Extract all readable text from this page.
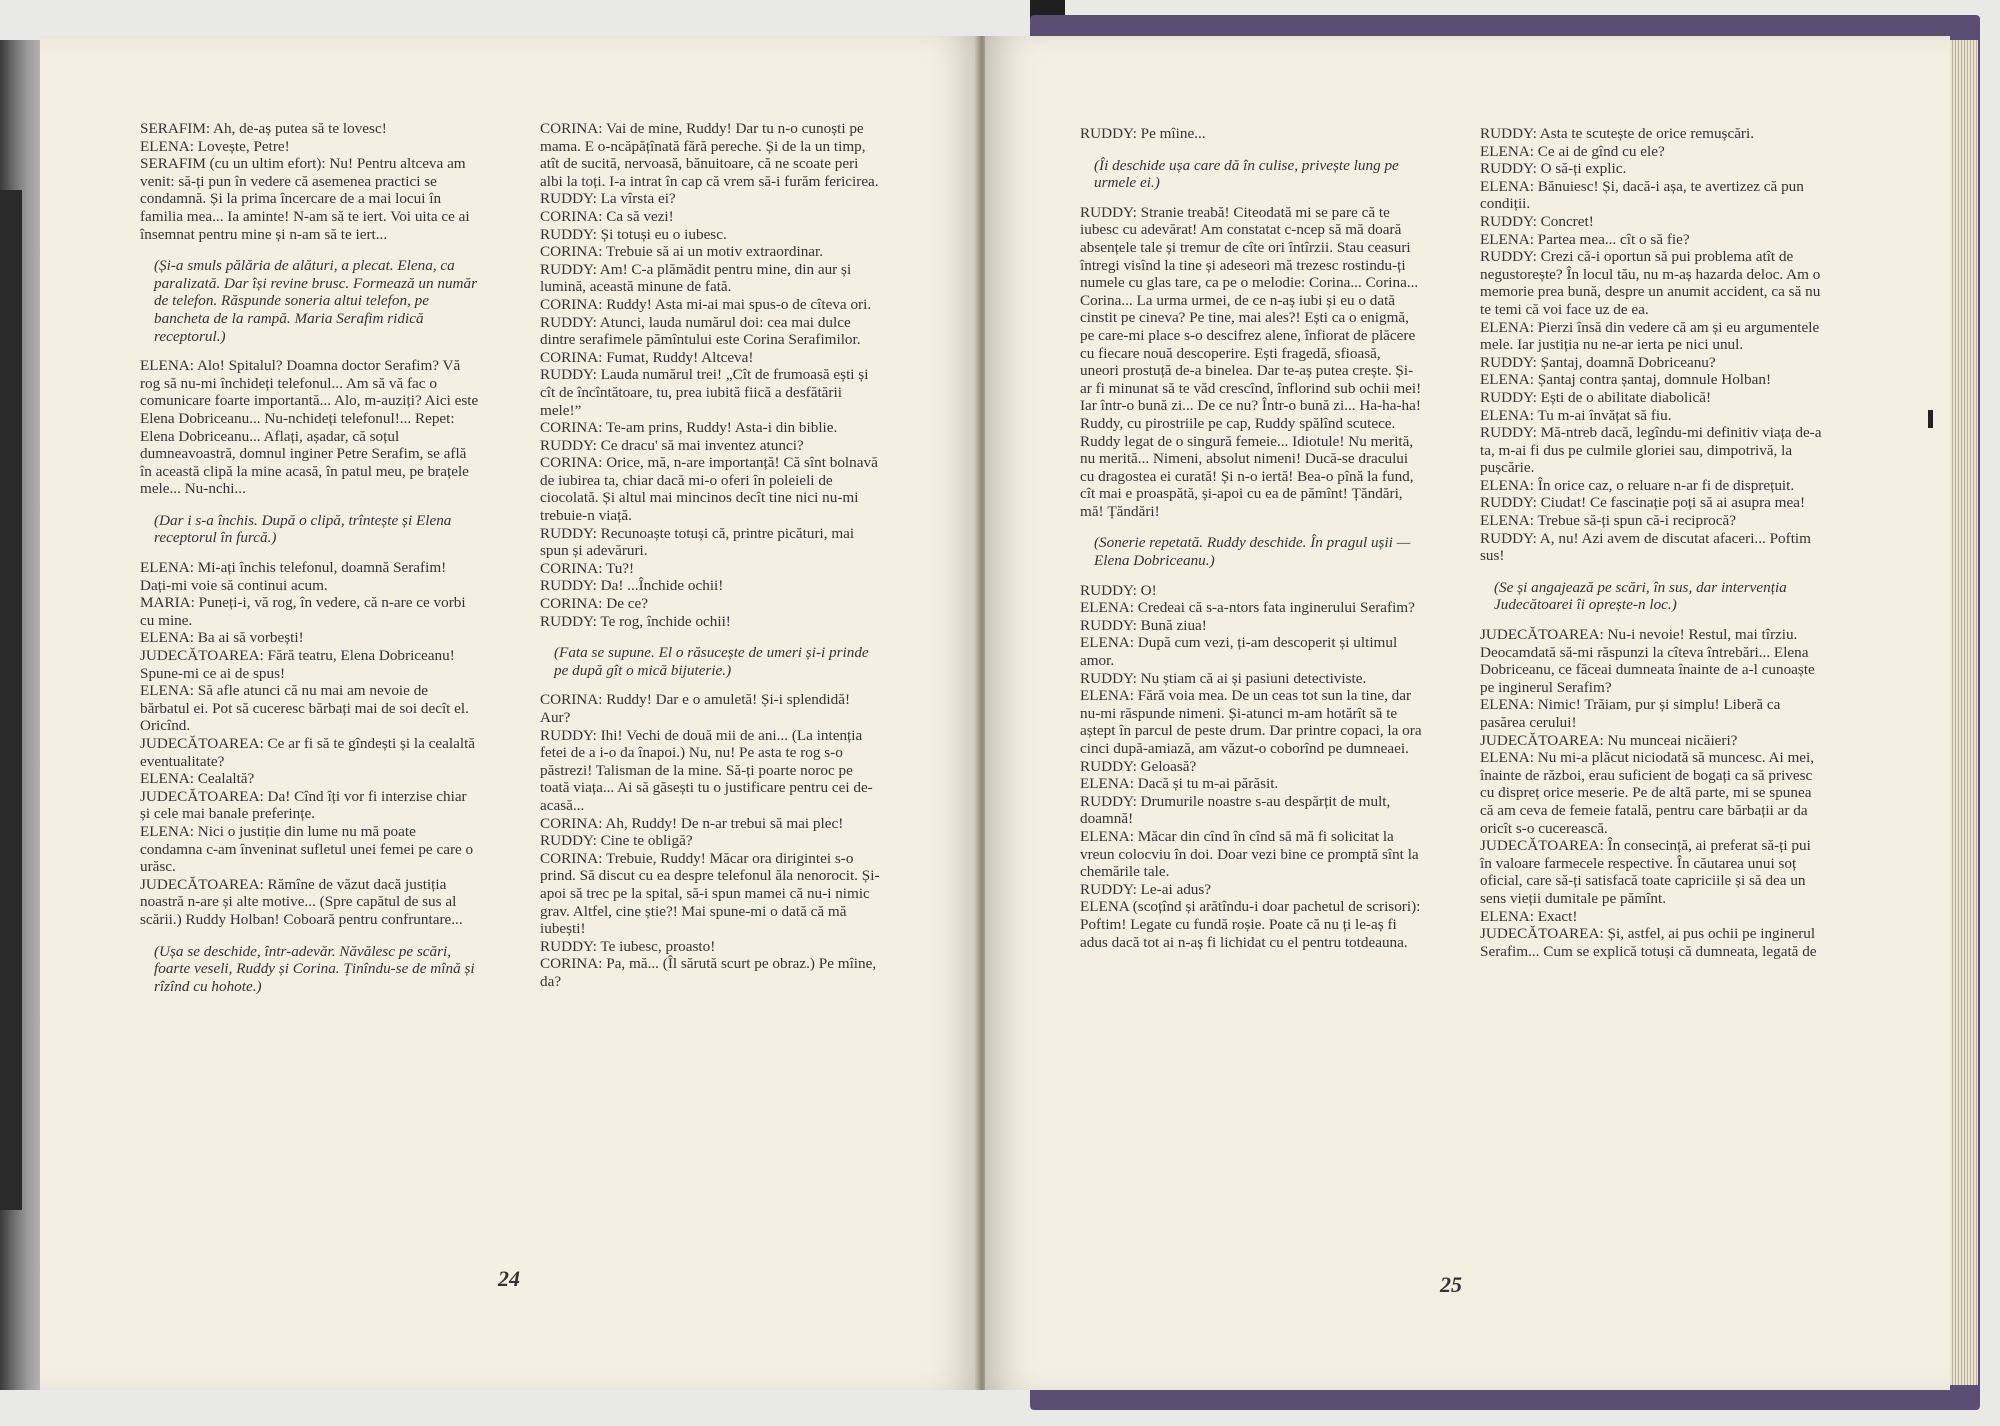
SERAFIM: Ah, de-aș putea să te lovesc!

ELENA: Lovește, Petre!

SERAFIM (cu un ultim efort): Nu! Pentru altceva am venit: să-ți pun în vedere că asemenea practici se condamnă. Și la prima încercare de a mai locui în familia mea... Ia aminte! N-am să te iert. Voi uita ce ai însemnat pentru mine și n-am să te iert...

(Și-a smuls pălăria de alături, a plecat. Elena, ca paralizată. Dar își revine brusc. Formează un număr de telefon. Răspunde soneria altui telefon, pe bancheta de la rampă. Maria Serafim ridică receptorul.)

ELENA: Alo! Spitalul? Doamna doctor Serafim? Vă rog să nu-mi închideți telefonul... Am să vă fac o comunicare foarte importantă... Alo, m-auziți? Aici este Elena Dobriceanu... Nu-nchideți telefonul!... Repet: Elena Dobriceanu... Aflați, așadar, că soțul dumneavoastră, domnul inginer Petre Serafim, se află în această clipă la mine acasă, în patul meu, pe brațele mele... Nu-nchi...

(Dar i s-a închis. După o clipă, trîntește și Elena receptorul în furcă.)

ELENA: Mi-ați închis telefonul, doamnă Serafim! Dați-mi voie să continui acum.

MARIA: Puneți-i, vă rog, în vedere, că n-are ce vorbi cu mine.

ELENA: Ba ai să vorbești!

JUDECĂTOAREA: Fără teatru, Elena Dobriceanu! Spune-mi ce ai de spus!

ELENA: Să afle atunci că nu mai am nevoie de bărbatul ei. Pot să cuceresc bărbați mai de soi decît el. Oricînd.

JUDECĂTOAREA: Ce ar fi să te gîndești și la cealaltă eventualitate?

ELENA: Cealaltă?

JUDECĂTOAREA: Da! Cînd îți vor fi interzise chiar și cele mai banale preferințe.

ELENA: Nici o justiție din lume nu mă poate condamna c-am înveninat sufletul unei femei pe care o urăsc.

JUDECĂTOAREA: Rămîne de văzut dacă justiția noastră n-are și alte motive... (Spre capătul de sus al scării.) Ruddy Holban! Coboară pentru confruntare...

(Ușa se deschide, într-adevăr. Năvălesc pe scări, foarte veseli, Ruddy și Corina. Ținîndu-se de mînă și rîzînd cu hohote.)

CORINA: Vai de mine, Ruddy! Dar tu n-o cunoști pe mama. E o-ncăpățînată fără pereche. Și de la un timp, atît de sucită, nervoasă, bănuitoare, că ne scoate peri albi la toți. I-a intrat în cap că vrem să-i furăm fericirea.

RUDDY: La vîrsta ei?

CORINA: Ca să vezi!

RUDDY: Și totuși eu o iubesc.

CORINA: Trebuie să ai un motiv extraordinar.

RUDDY: Am! C-a plămădit pentru mine, din aur și lumină, această minune de fată.

CORINA: Ruddy! Asta mi-ai mai spus-o de cîteva ori.

RUDDY: Atunci, lauda numărul doi: cea mai dulce dintre serafimele pămîntului este Corina Serafimilor.

CORINA: Fumat, Ruddy! Altceva!

RUDDY: Lauda numărul trei! „Cît de frumoasă ești și cît de încîntătoare, tu, prea iubită fiică a desfătării mele!”

CORINA: Te-am prins, Ruddy! Asta-i din biblie.

RUDDY: Ce dracu' să mai inventez atunci?

CORINA: Orice, mă, n-are importanță! Că sînt bolnavă de iubirea ta, chiar dacă mi-o oferi în poleieli de ciocolată. Și altul mai mincinos decît tine nici nu-mi trebuie-n viață.

RUDDY: Recunoaște totuși că, printre picături, mai spun și adevăruri.

CORINA: Tu?!

RUDDY: Da! ...Închide ochii!

CORINA: De ce?

RUDDY: Te rog, închide ochii!

(Fata se supune. El o răsucește de umeri și-i prinde pe după gît o mică bijuterie.)

CORINA: Ruddy! Dar e o amuletă! Și-i splendidă! Aur?

RUDDY: Ihi! Vechi de două mii de ani... (La intenția fetei de a i-o da înapoi.) Nu, nu! Pe asta te rog s-o păstrezi! Talisman de la mine. Să-ți poarte noroc pe toată viața... Ai să găsești tu o justificare pentru cei de-acasă...

CORINA: Ah, Ruddy! De n-ar trebui să mai plec!

RUDDY: Cine te obligă?

CORINA: Trebuie, Ruddy! Măcar ora dirigintei s-o prind. Să discut cu ea despre telefonul ăla nenorocit. Și-apoi să trec pe la spital, să-i spun mamei că nu-i nimic grav. Altfel, cine știe?! Mai spune-mi o dată că mă iubești!

RUDDY: Te iubesc, proasto!

CORINA: Pa, mă... (Îl sărută scurt pe obraz.) Pe mîine, da?

24

RUDDY: Pe mîine...

(Îi deschide ușa care dă în culise, privește lung pe urmele ei.)

RUDDY: Stranie treabă! Citeodată mi se pare că te iubesc cu adevărat! Am constatat c-ncep să mă doară absențele tale și tremur de cîte ori întîrzii. Stau ceasuri întregi visînd la tine și adeseori mă trezesc rostindu-ți numele cu glas tare, ca pe o melodie: Corina... Corina... Corina... La urma urmei, de ce n-aș iubi și eu o dată cinstit pe cineva? Pe tine, mai ales?! Ești ca o enigmă, pe care-mi place s-o descifrez alene, înfiorat de plăcere cu fiecare nouă descoperire. Ești fragedă, sfioasă, uneori prostuță de-a binelea. Dar te-aș putea crește. Și-ar fi minunat să te văd crescînd, înflorind sub ochii mei! Iar într-o bună zi... De ce nu? Într-o bună zi... Ha-ha-ha! Ruddy, cu pirostriile pe cap, Ruddy spălînd scutece. Ruddy legat de o singură femeie... Idiotule! Nu merită, nu merită... Nimeni, absolut nimeni! Ducă-se dracului cu dragostea ei curată! Și n-o iertă! Bea-o pînă la fund, cît mai e proaspătă, și-apoi cu ea de pămînt! Țăndări, mă! Țăndări!

(Sonerie repetată. Ruddy deschide. În pragul ușii — Elena Dobriceanu.)

RUDDY: O!

ELENA: Credeai că s-a-ntors fata inginerului Serafim?

RUDDY: Bună ziua!

ELENA: După cum vezi, ți-am descoperit și ultimul amor.

RUDDY: Nu știam că ai și pasiuni detectiviste.

ELENA: Fără voia mea. De un ceas tot sun la tine, dar nu-mi răspunde nimeni. Și-atunci m-am hotărît să te aștept în parcul de peste drum. Dar printre copaci, la ora cinci după-amiază, am văzut-o coborînd pe dumneaei.

RUDDY: Geloasă?

ELENA: Dacă și tu m-ai părăsit.

RUDDY: Drumurile noastre s-au despărțit de mult, doamnă!

ELENA: Măcar din cînd în cînd să mă fi solicitat la vreun colocviu în doi. Doar vezi bine ce promptă sînt la chemările tale.

RUDDY: Le-ai adus?

ELENA (scoțînd și arătîndu-i doar pachetul de scrisori): Poftim! Legate cu fundă roșie. Poate că nu ți le-aș fi adus dacă tot ai n-aș fi lichidat cu el pentru totdeauna.

RUDDY: Asta te scutește de orice remușcări.

ELENA: Ce ai de gînd cu ele?

RUDDY: O să-ți explic.

ELENA: Bănuiesc! Și, dacă-i așa, te avertizez că pun condiții.

RUDDY: Concret!

ELENA: Partea mea... cît o să fie?

RUDDY: Crezi că-i oportun să pui problema atît de negustorește? În locul tău, nu m-aș hazarda deloc. Am o memorie prea bună, despre un anumit accident, ca să nu te temi că voi face uz de ea.

ELENA: Pierzi însă din vedere că am și eu argumentele mele. Iar justiția nu ne-ar ierta pe nici unul.

RUDDY: Șantaj, doamnă Dobriceanu?

ELENA: Șantaj contra șantaj, domnule Holban!

RUDDY: Ești de o abilitate diabolică!

ELENA: Tu m-ai învățat să fiu.

RUDDY: Mă-ntreb dacă, legîndu-mi definitiv viața de-a ta, m-ai fi dus pe culmile gloriei sau, dimpotrivă, la pușcărie.

ELENA: În orice caz, o reluare n-ar fi de disprețuit.

RUDDY: Ciudat! Ce fascinație poți să ai asupra mea!

ELENA: Trebue să-ți spun că-i reciprocă?

RUDDY: A, nu! Azi avem de discutat afaceri... Poftim sus!

(Se și angajează pe scări, în sus, dar intervenția Judecătoarei îi oprește-n loc.)

JUDECĂTOAREA: Nu-i nevoie! Restul, mai tîrziu. Deocamdată să-mi răspunzi la cîteva întrebări... Elena Dobriceanu, ce făceai dumneata înainte de a-l cunoaște pe inginerul Serafim?

ELENA: Nimic! Trăiam, pur și simplu! Liberă ca pasărea cerului!

JUDECĂTOAREA: Nu munceai nicăieri?

ELENA: Nu mi-a plăcut niciodată să muncesc. Ai mei, înainte de război, erau suficient de bogați ca să privesc cu dispreț orice meserie. Pe de altă parte, mi se spunea că am ceva de femeie fatală, pentru care bărbații ar da oricît s-o cucerească.

JUDECĂTOAREA: În consecință, ai preferat să-ți pui în valoare farmecele respective. În căutarea unui soț oficial, care să-ți satisfacă toate capriciile și să dea un sens vieții dumitale pe pămînt.

ELENA: Exact!

JUDECĂTOAREA: Și, astfel, ai pus ochii pe inginerul Serafim... Cum se explică totuși că dumneata, legată de

25
